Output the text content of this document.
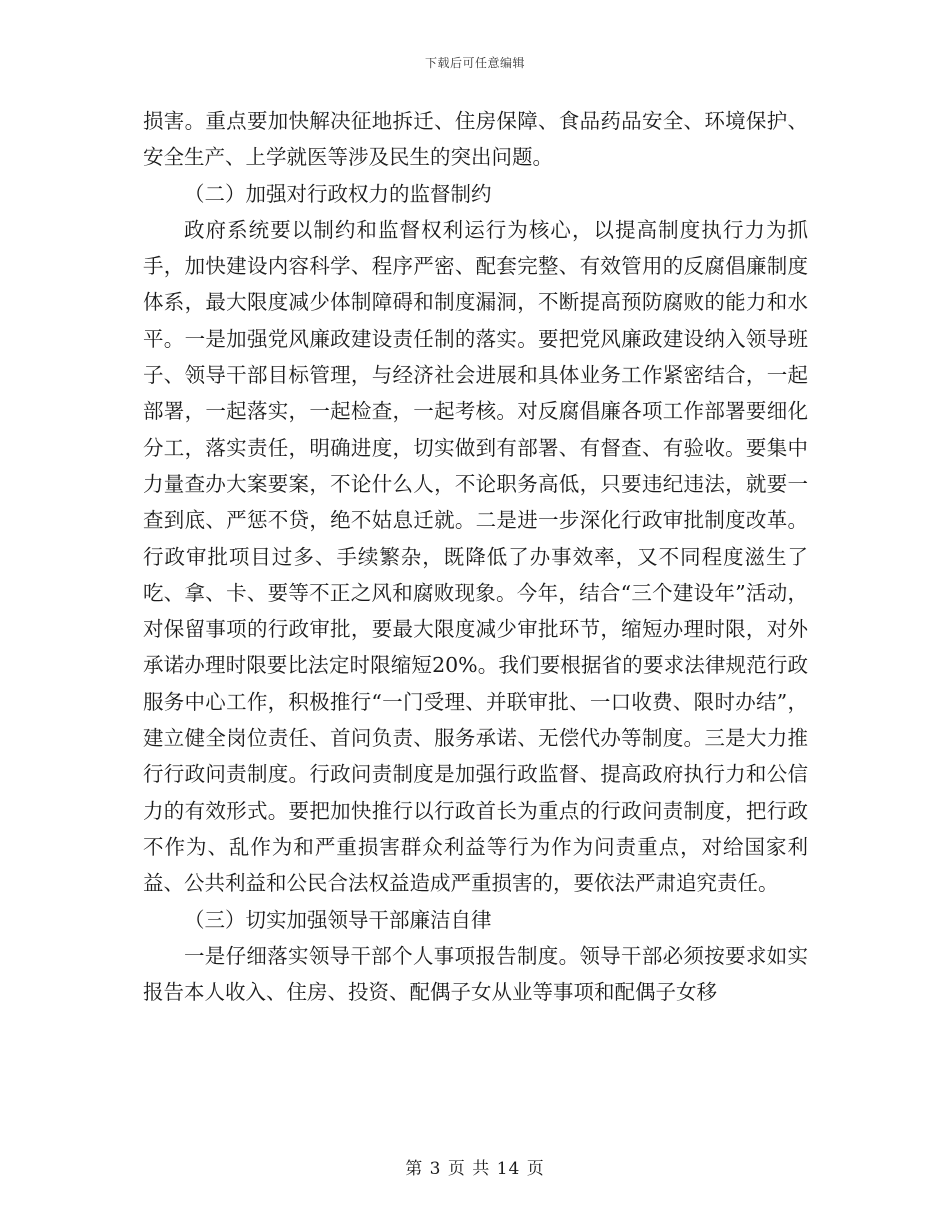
下载后可任意编辑

损害。重点要加快解决征地拆迁、住房保障、食品药品安全、环境保护、安全生产、上学就医等涉及民生的突出问题。

（二）加强对行政权力的监督制约

政府系统要以制约和监督权利运行为核心，以提高制度执行力为抓手，加快建设内容科学、程序严密、配套完整、有效管用的反腐倡廉制度体系，最大限度减少体制障碍和制度漏洞，不断提高预防腐败的能力和水平。一是加强党风廉政建设责任制的落实。要把党风廉政建设纳入领导班子、领导干部目标管理，与经济社会进展和具体业务工作紧密结合，一起部署，一起落实，一起检查，一起考核。对反腐倡廉各项工作部署要细化分工，落实责任，明确进度，切实做到有部署、有督查、有验收。要集中力量查办大案要案，不论什么人，不论职务高低，只要违纪违法，就要一查到底、严惩不贷，绝不姑息迁就。二是进一步深化行政审批制度改革。行政审批项目过多、手续繁杂，既降低了办事效率，又不同程度滋生了吃、拿、卡、要等不正之风和腐败现象。今年，结合“三个建设年”活动，对保留事项的行政审批，要最大限度减少审批环节，缩短办理时限，对外承诺办理时限要比法定时限缩短20%。我们要根据省的要求法律规范行政服务中心工作，积极推行“一门受理、并联审批、一口收费、限时办结”，建立健全岗位责任、首问负责、服务承诺、无偿代办等制度。三是大力推行行政问责制度。行政问责制度是加强行政监督、提高政府执行力和公信力的有效形式。要把加快推行以行政首长为重点的行政问责制度，把行政不作为、乱作为和严重损害群众利益等行为作为问责重点，对给国家利益、公共利益和公民合法权益造成严重损害的，要依法严肃追究责任。

（三）切实加强领导干部廉洁自律

一是仔细落实领导干部个人事项报告制度。领导干部必须按要求如实报告本人收入、住房、投资、配偶子女从业等事项和配偶子女移

第 3 页 共 14 页
